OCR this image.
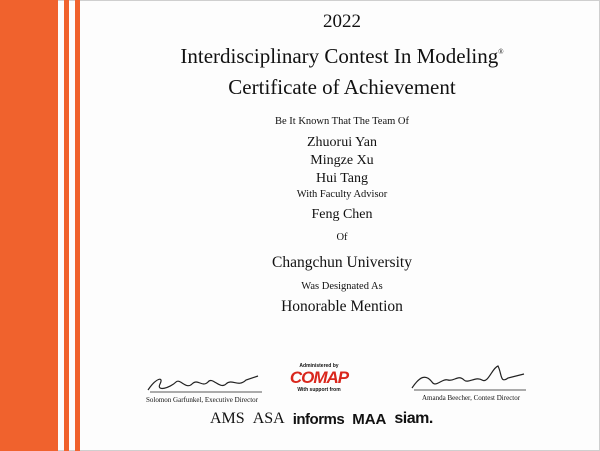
2022
Interdisciplinary Contest In Modeling®
Certificate of Achievement
Be It Known That The Team Of
Zhuorui Yan
Mingze Xu
Hui Tang
With Faculty Advisor
Feng Chen
Of
Changchun University
Was Designated As
Honorable Mention
Solomon Garfunkel, Executive Director	Amanda Beecher, Contest Director
Administered by
COMAP
With support from
AMS ASA informs MAA siam.
